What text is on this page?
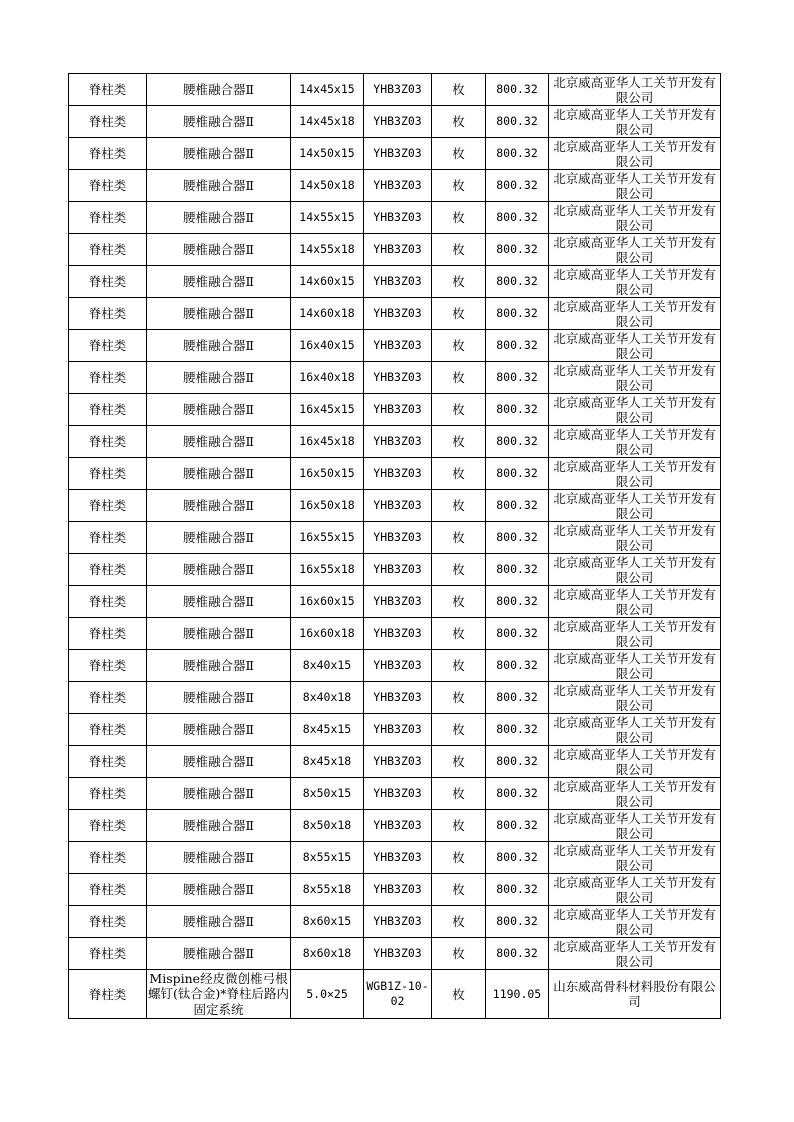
脊柱类	腰椎融合器Ⅱ	14x45x15	YHB3Z03	枚	800.32	北京威高亚华人工关节开发有限公司
脊柱类	腰椎融合器Ⅱ	14x45x18	YHB3Z03	枚	800.32	北京威高亚华人工关节开发有限公司
脊柱类	腰椎融合器Ⅱ	14x50x15	YHB3Z03	枚	800.32	北京威高亚华人工关节开发有限公司
脊柱类	腰椎融合器Ⅱ	14x50x18	YHB3Z03	枚	800.32	北京威高亚华人工关节开发有限公司
脊柱类	腰椎融合器Ⅱ	14x55x15	YHB3Z03	枚	800.32	北京威高亚华人工关节开发有限公司
脊柱类	腰椎融合器Ⅱ	14x55x18	YHB3Z03	枚	800.32	北京威高亚华人工关节开发有限公司
脊柱类	腰椎融合器Ⅱ	14x60x15	YHB3Z03	枚	800.32	北京威高亚华人工关节开发有限公司
脊柱类	腰椎融合器Ⅱ	14x60x18	YHB3Z03	枚	800.32	北京威高亚华人工关节开发有限公司
脊柱类	腰椎融合器Ⅱ	16x40x15	YHB3Z03	枚	800.32	北京威高亚华人工关节开发有限公司
脊柱类	腰椎融合器Ⅱ	16x40x18	YHB3Z03	枚	800.32	北京威高亚华人工关节开发有限公司
脊柱类	腰椎融合器Ⅱ	16x45x15	YHB3Z03	枚	800.32	北京威高亚华人工关节开发有限公司
脊柱类	腰椎融合器Ⅱ	16x45x18	YHB3Z03	枚	800.32	北京威高亚华人工关节开发有限公司
脊柱类	腰椎融合器Ⅱ	16x50x15	YHB3Z03	枚	800.32	北京威高亚华人工关节开发有限公司
脊柱类	腰椎融合器Ⅱ	16x50x18	YHB3Z03	枚	800.32	北京威高亚华人工关节开发有限公司
脊柱类	腰椎融合器Ⅱ	16x55x15	YHB3Z03	枚	800.32	北京威高亚华人工关节开发有限公司
脊柱类	腰椎融合器Ⅱ	16x55x18	YHB3Z03	枚	800.32	北京威高亚华人工关节开发有限公司
脊柱类	腰椎融合器Ⅱ	16x60x15	YHB3Z03	枚	800.32	北京威高亚华人工关节开发有限公司
脊柱类	腰椎融合器Ⅱ	16x60x18	YHB3Z03	枚	800.32	北京威高亚华人工关节开发有限公司
脊柱类	腰椎融合器Ⅱ	8x40x15	YHB3Z03	枚	800.32	北京威高亚华人工关节开发有限公司
脊柱类	腰椎融合器Ⅱ	8x40x18	YHB3Z03	枚	800.32	北京威高亚华人工关节开发有限公司
脊柱类	腰椎融合器Ⅱ	8x45x15	YHB3Z03	枚	800.32	北京威高亚华人工关节开发有限公司
脊柱类	腰椎融合器Ⅱ	8x45x18	YHB3Z03	枚	800.32	北京威高亚华人工关节开发有限公司
脊柱类	腰椎融合器Ⅱ	8x50x15	YHB3Z03	枚	800.32	北京威高亚华人工关节开发有限公司
脊柱类	腰椎融合器Ⅱ	8x50x18	YHB3Z03	枚	800.32	北京威高亚华人工关节开发有限公司
脊柱类	腰椎融合器Ⅱ	8x55x15	YHB3Z03	枚	800.32	北京威高亚华人工关节开发有限公司
脊柱类	腰椎融合器Ⅱ	8x55x18	YHB3Z03	枚	800.32	北京威高亚华人工关节开发有限公司
脊柱类	腰椎融合器Ⅱ	8x60x15	YHB3Z03	枚	800.32	北京威高亚华人工关节开发有限公司
脊柱类	腰椎融合器Ⅱ	8x60x18	YHB3Z03	枚	800.32	北京威高亚华人工关节开发有限公司
脊柱类	Mispine经皮微创椎弓根螺钉(钛合金)*脊柱后路内固定系统	5.0×25	WGB1Z-10-02	枚	1190.05	山东威高骨科材料股份有限公司
